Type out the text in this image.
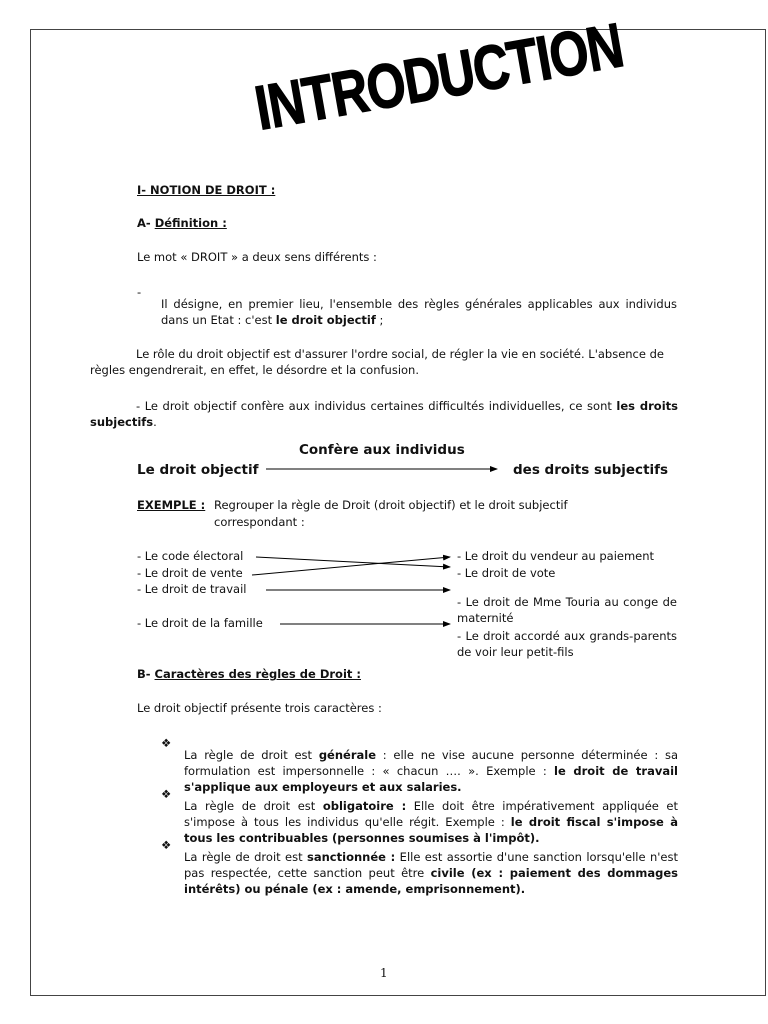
INTRODUCTION

I- NOTION DE DROIT :

A- Définition :

Le mot « DROIT » a deux sens différents :

-

Il désigne, en premier lieu, l'ensemble des règles générales applicables aux individus dans un Etat : c'est le droit objectif ;

Le rôle du droit objectif est d'assurer l'ordre social, de régler la vie en société. L'absence de règles engendrerait, en effet, le désordre et la confusion.

- Le droit objectif confère aux individus certaines difficultés individuelles, ce sont les droits subjectifs.

Confère aux individus

Le droit objectif	des droits subjectifs

EXEMPLE : Regrouper la règle de Droit (droit objectif) et le droit subjectif

correspondant :

- Le code électoral

- Le droit de vente

- Le droit de travail

- Le droit de la famille

- Le droit du vendeur au paiement

- Le droit de vote

- Le droit de Mme Touria au conge de maternité

- Le droit accordé aux grands-parents de voir leur petit-fils

B- Caractères des règles de Droit :

Le droit objectif présente trois caractères :

❖

La règle de droit est générale : elle ne vise aucune personne déterminée : sa formulation est impersonnelle : « chacun …. ». Exemple : le droit de travail s'applique aux employeurs et aux salaries.

❖

La règle de droit est obligatoire : Elle doit être impérativement appliquée et s'impose à tous les individus qu'elle régit. Exemple : le droit fiscal s'impose à tous les contribuables (personnes soumises à l'impôt).

❖

La règle de droit est sanctionnée : Elle est assortie d'une sanction lorsqu'elle n'est pas respectée, cette sanction peut être civile (ex : paiement des dommages intérêts) ou pénale (ex : amende, emprisonnement).

1
